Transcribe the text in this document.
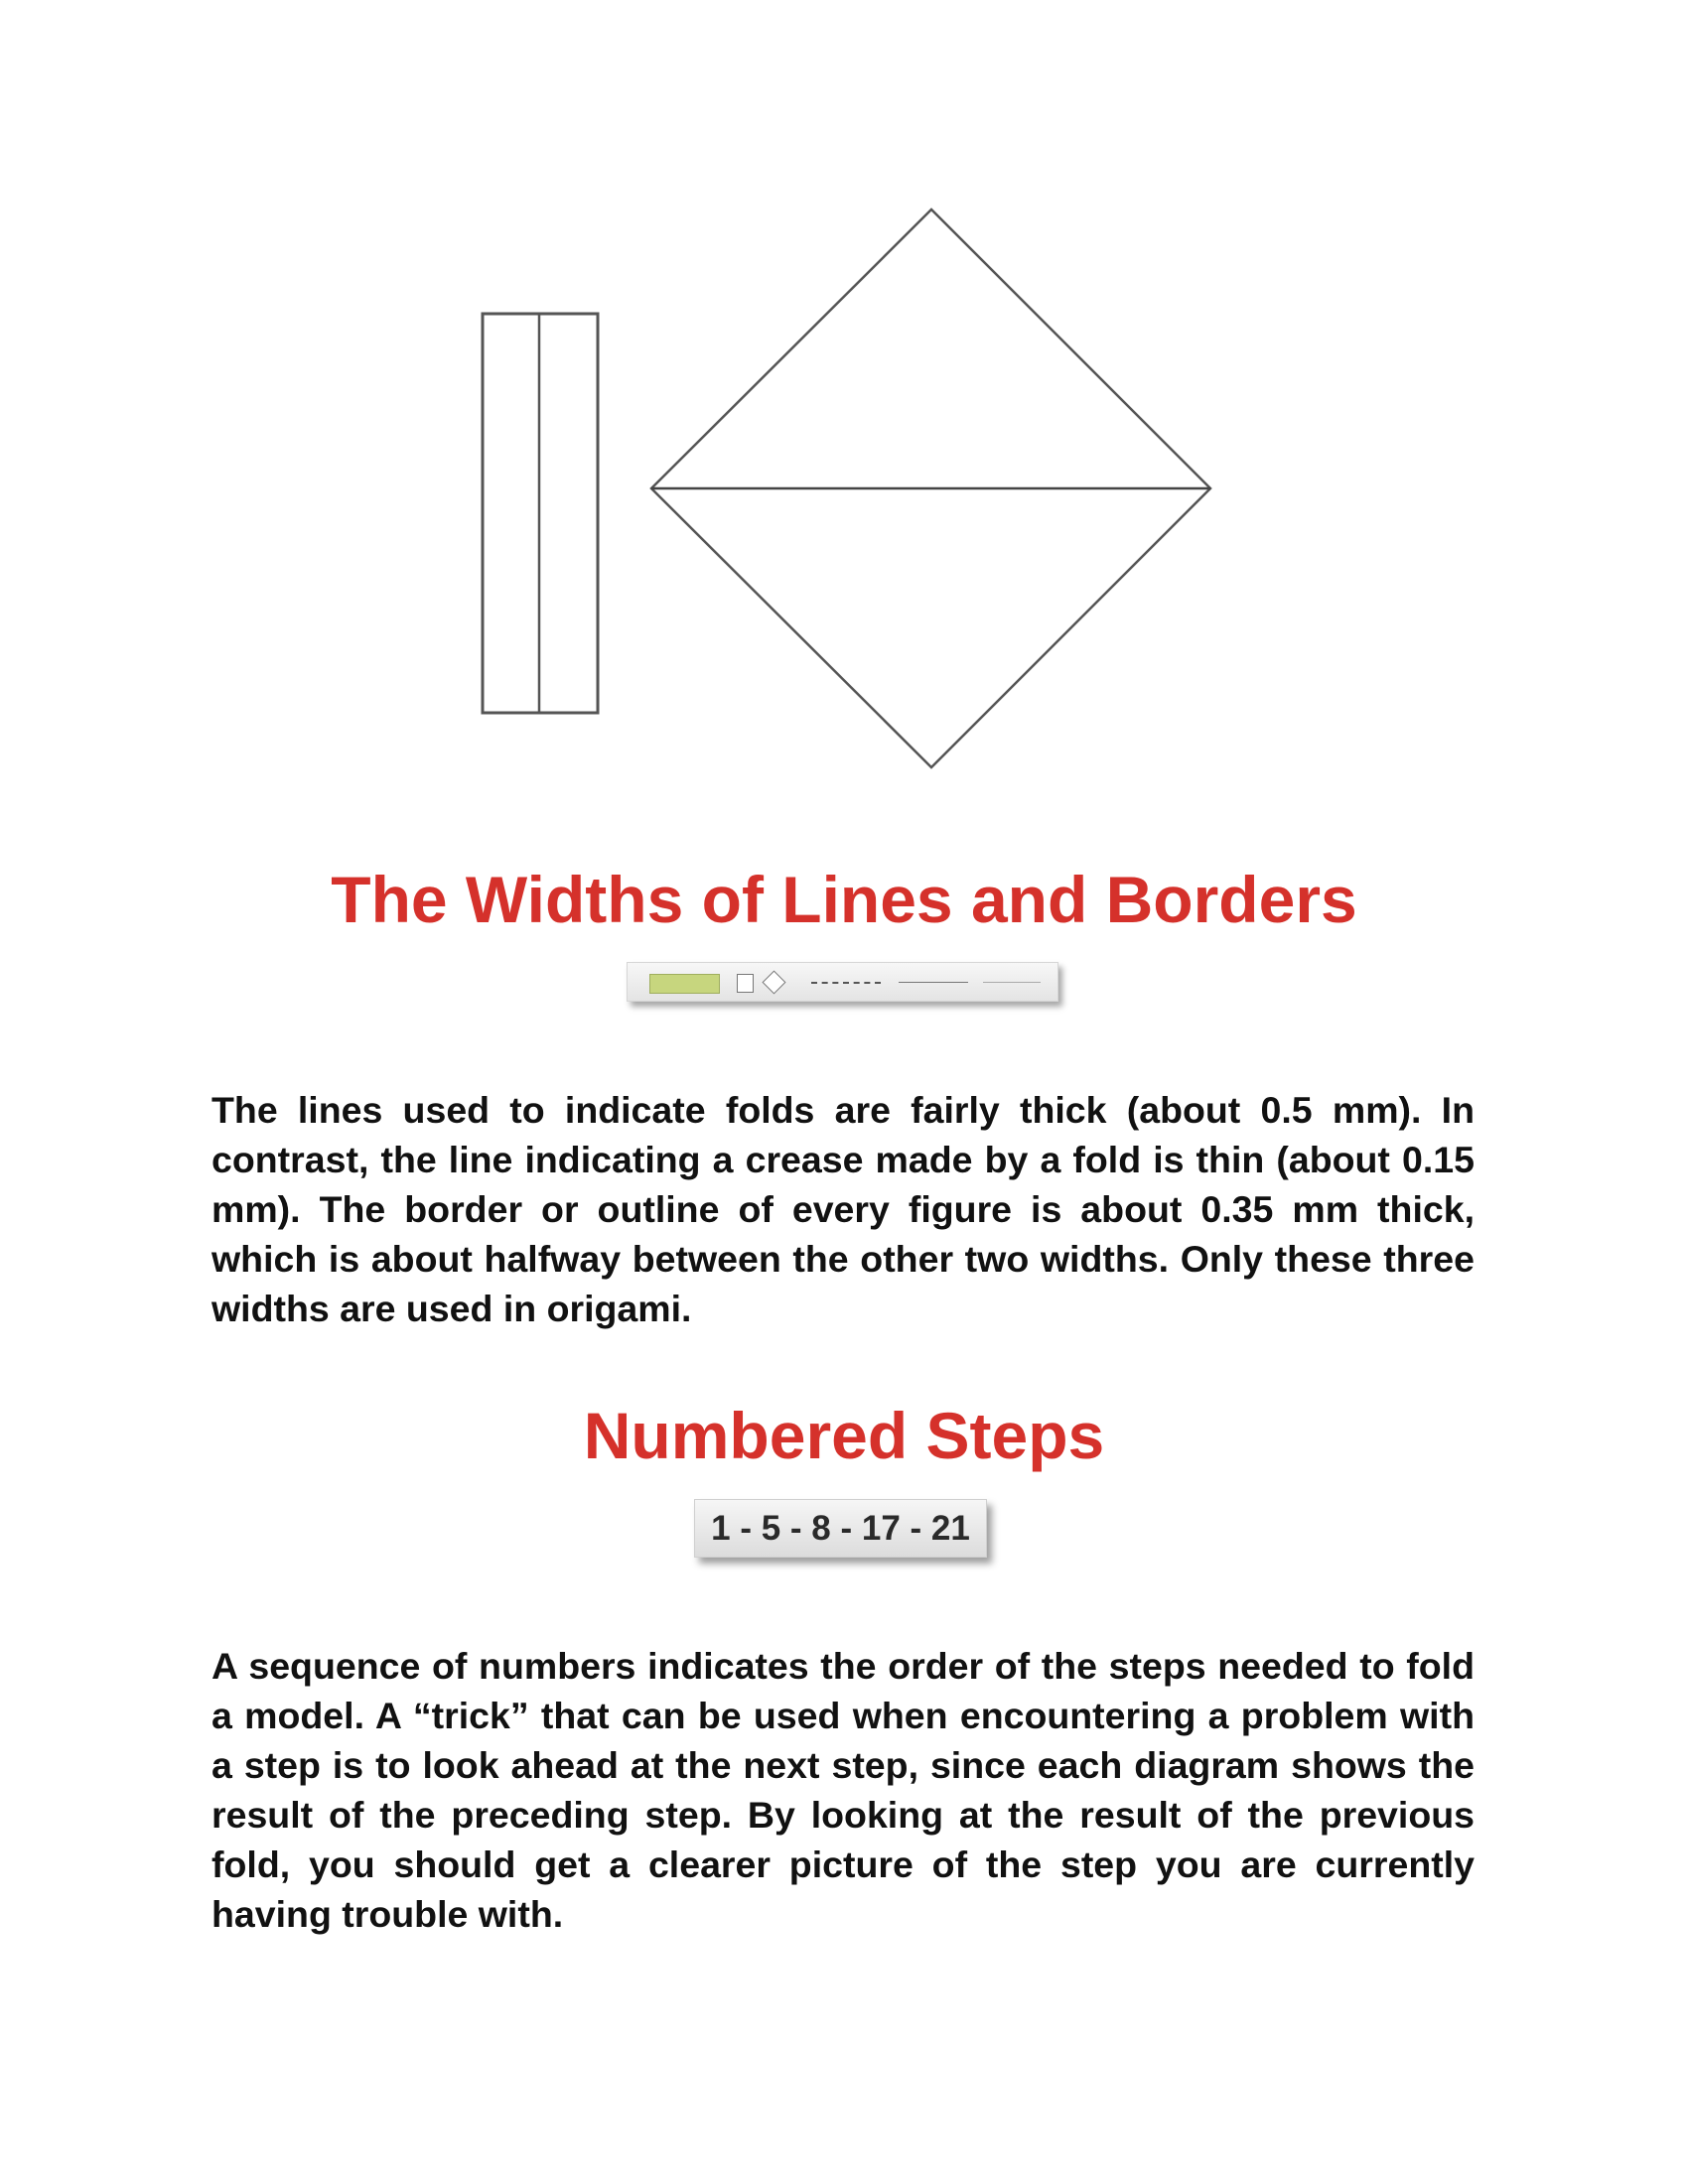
The Widths of Lines and Borders

The lines used to indicate folds are fairly thick (about 0.5 mm). In contrast, the line indicating a crease made by a fold is thin (about 0.15 mm). The border or outline of every figure is about 0.35 mm thick, which is about halfway between the other two widths. Only these three widths are used in origami.

Numbered Steps
1 - 5 - 8 - 17 - 21

A sequence of numbers indicates the order of the steps needed to fold a model. A “trick” that can be used when encountering a problem with a step is to look ahead at the next step, since each diagram shows the result of the preceding step. By looking at the result of the previous fold, you should get a clearer picture of the step you are currently having trouble with.
